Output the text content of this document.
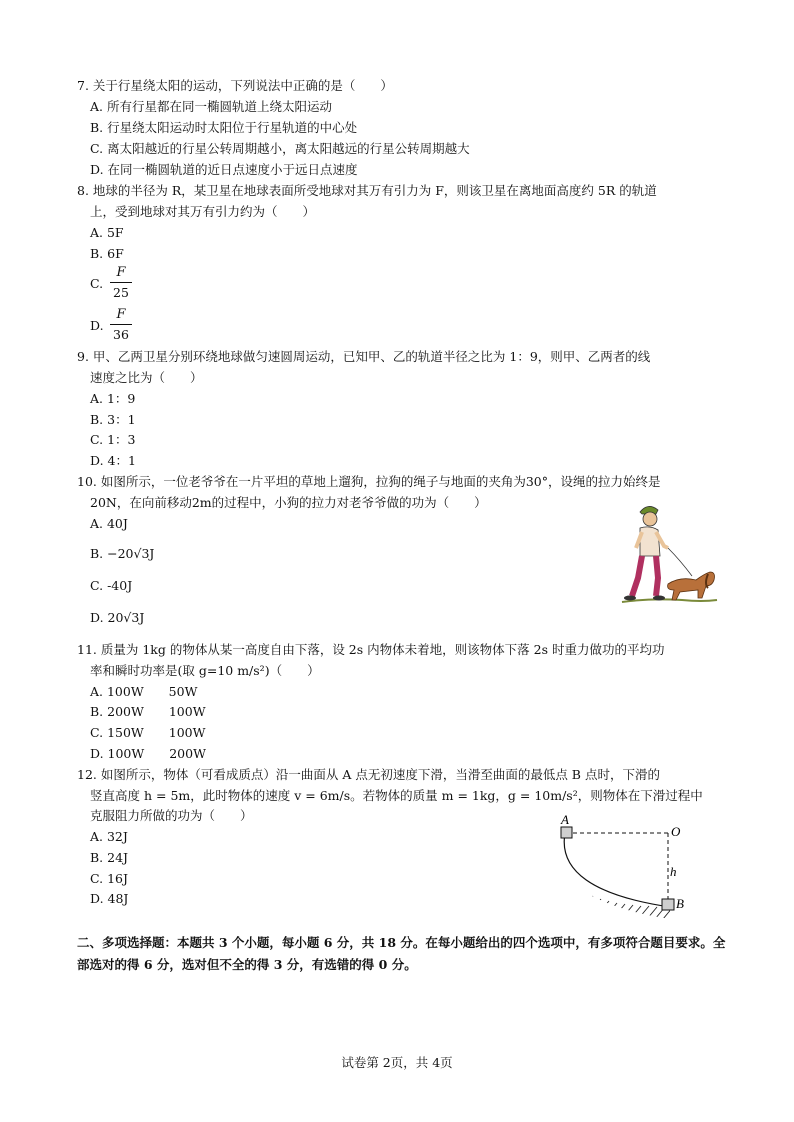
7. 关于行星绕太阳的运动，下列说法中正确的是（　　）
A. 所有行星都在同一椭圆轨道上绕太阳运动
B. 行星绕太阳运动时太阳位于行星轨道的中心处
C. 离太阳越近的行星公转周期越小，离太阳越远的行星公转周期越大
D. 在同一椭圆轨道的近日点速度小于远日点速度
8. 地球的半径为 R，某卫星在地球表面所受地球对其万有引力为 F，则该卫星在离地面高度约 5R 的轨道
上，受到地球对其万有引力约为（　　）
A. 5F
B. 6F
C.
F
25
D.
F
36
9. 甲、乙两卫星分别环绕地球做匀速圆周运动，已知甲、乙的轨道半径之比为 1：9，则甲、乙两者的线
速度之比为（　　）
A. 1：9
B. 3：1
C. 1：3
D. 4：1
10. 如图所示，一位老爷爷在一片平坦的草地上遛狗，拉狗的绳子与地面的夹角为30°，设绳的拉力始终是
20N，在向前移动2m的过程中，小狗的拉力对老爷爷做的功为（　　）
A. 40J
B. −20√3J
C. -40J
D. 20√3J
11. 质量为 1kg 的物体从某一高度自由下落，设 2s 内物体未着地，则该物体下落 2s 时重力做功的平均功
率和瞬时功率是(取 g=10 m/s²)（　　）
A. 100W　　50W
B. 200W　　100W
C. 150W　　100W
D. 100W　　200W
12. 如图所示，物体（可看成质点）沿一曲面从 A 点无初速度下滑，当滑至曲面的最低点 B 点时，下滑的
竖直高度 h = 5m，此时物体的速度 v = 6m/s。若物体的质量 m = 1kg，g = 10m/s²，则物体在下滑过程中
克服阻力所做的功为（　　）
A. 32J
B. 24J
C. 16J
D. 48J
A
O
h
B
二、多项选择题：本题共 3 个小题，每小题 6 分，共 18 分。在每小题给出的四个选项中，有多项符合题目要求。全部选对的得 6 分，选对但不全的得 3 分，有选错的得 0 分。
试卷第 2页，共 4页
